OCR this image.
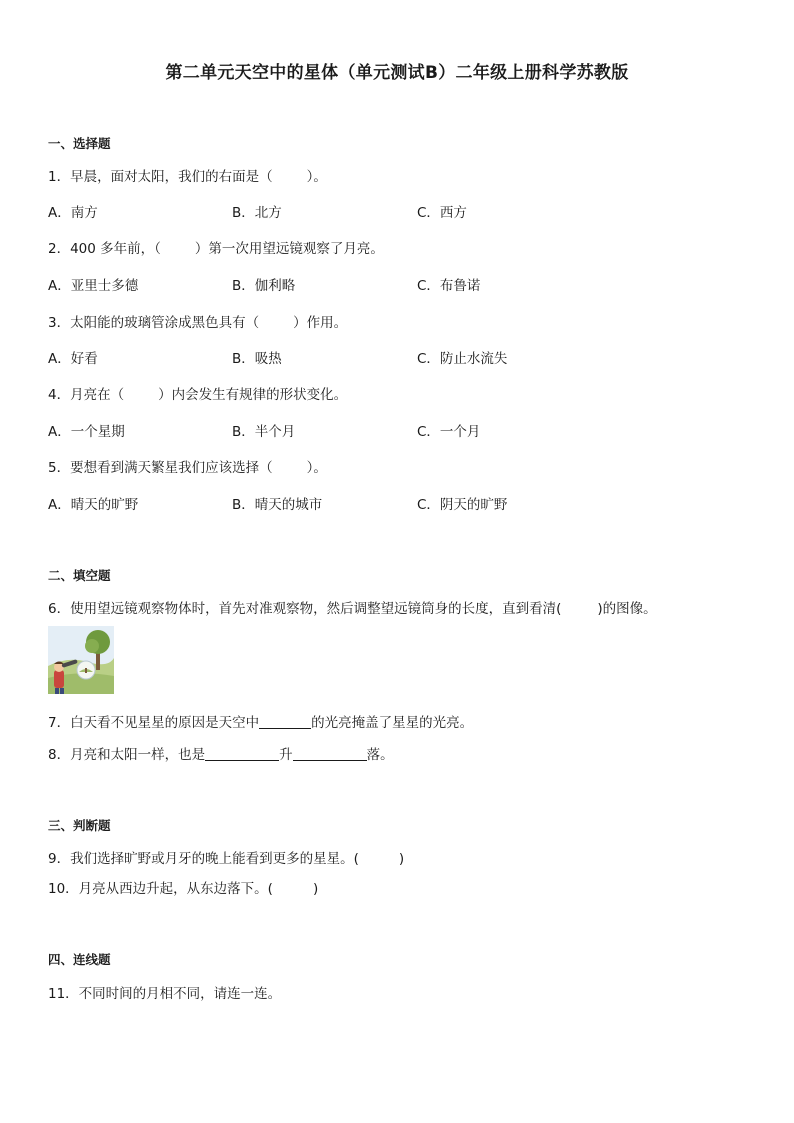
第二单元天空中的星体（单元测试B）二年级上册科学苏教版
一、选择题
1．早晨，面对太阳，我们的右面是（	）。
A．南方	B．北方	C．西方
2．400 多年前，（	）第一次用望远镜观察了月亮。
A．亚里士多德	B．伽利略	C．布鲁诺
3．太阳能的玻璃管涂成黑色具有（	）作用。
A．好看	B．吸热	C．防止水流失
4．月亮在（	）内会发生有规律的形状变化。
A．一个星期	B．半个月	C．一个月
5．要想看到满天繁星我们应该选择（	）。
A．晴天的旷野	B．晴天的城市	C．阴天的旷野
二、填空题
6．使用望远镜观察物体时，首先对准观察物，然后调整望远镜筒身的长度，直到看清(	)的图像。
7．白天看不见星星的原因是天空中	的光亮掩盖了星星的光亮。
8．月亮和太阳一样，也是	升	落。
三、判断题
9．我们选择旷野或月牙的晚上能看到更多的星星。(	)
10．月亮从西边升起，从东边落下。(	)
四、连线题
11．不同时间的月相不同，请连一连。
